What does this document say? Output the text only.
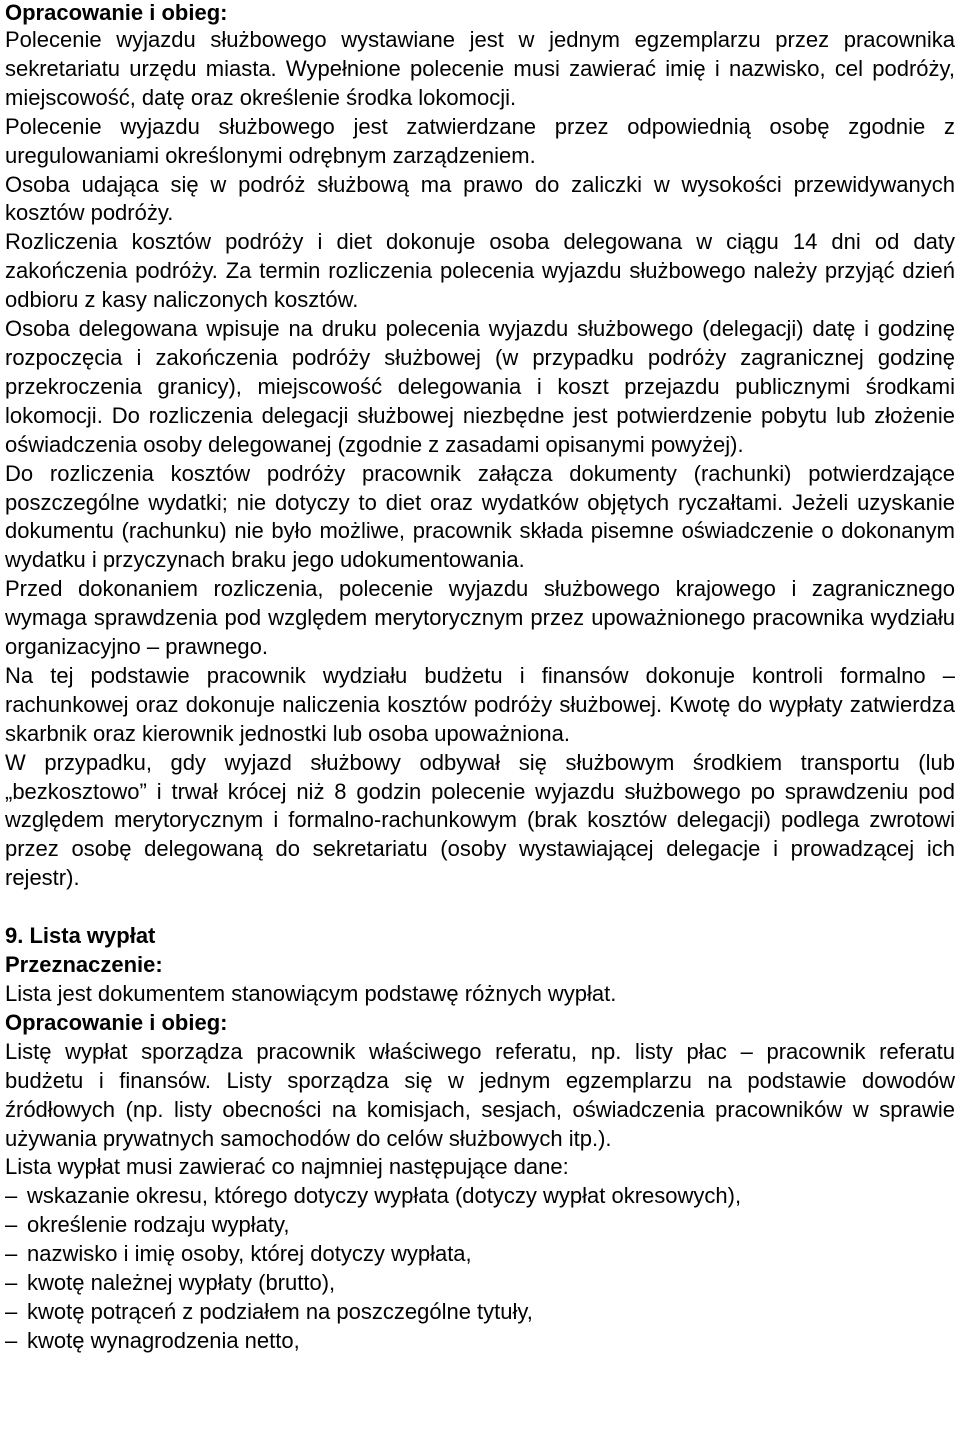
Opracowanie i obieg:

Polecenie wyjazdu służbowego wystawiane jest w jednym egzemplarzu przez pracownika sekretariatu urzędu miasta. Wypełnione polecenie musi zawierać imię i nazwisko, cel podróży, miejscowość, datę oraz określenie środka lokomocji.

Polecenie wyjazdu służbowego jest zatwierdzane przez odpowiednią osobę zgodnie z uregulowaniami określonymi odrębnym zarządzeniem.

Osoba udająca się w podróż służbową ma prawo do zaliczki w wysokości przewidywanych kosztów podróży.

Rozliczenia kosztów podróży i diet dokonuje osoba delegowana w ciągu 14 dni od daty zakończenia podróży. Za termin rozliczenia polecenia wyjazdu służbowego należy przyjąć dzień odbioru z kasy naliczonych kosztów.

Osoba delegowana wpisuje na druku polecenia wyjazdu służbowego (delegacji) datę i godzinę rozpoczęcia i zakończenia podróży służbowej (w przypadku podróży zagranicznej godzinę przekroczenia granicy), miejscowość delegowania i koszt przejazdu publicznymi środkami lokomocji. Do rozliczenia delegacji służbowej niezbędne jest potwierdzenie pobytu lub złożenie oświadczenia osoby delegowanej (zgodnie z zasadami opisanymi powyżej).

Do rozliczenia kosztów podróży pracownik załącza dokumenty (rachunki) potwierdzające poszczególne wydatki; nie dotyczy to diet oraz wydatków objętych ryczałtami. Jeżeli uzyskanie dokumentu (rachunku) nie było możliwe, pracownik składa pisemne oświadczenie o dokonanym wydatku i przyczynach braku jego udokumentowania.

Przed dokonaniem rozliczenia, polecenie wyjazdu służbowego krajowego i zagranicznego wymaga sprawdzenia pod względem merytorycznym przez upoważnionego pracownika wydziału organizacyjno – prawnego.

Na tej podstawie pracownik wydziału budżetu i finansów dokonuje kontroli formalno – rachunkowej oraz dokonuje naliczenia kosztów podróży służbowej. Kwotę do wypłaty zatwierdza skarbnik oraz kierownik jednostki lub osoba upoważniona.

W przypadku, gdy wyjazd służbowy odbywał się służbowym środkiem transportu (lub „bezkosztowo” i trwał krócej niż 8 godzin polecenie wyjazdu służbowego po sprawdzeniu pod względem merytorycznym i formalno-rachunkowym (brak kosztów delegacji) podlega zwrotowi przez osobę delegowaną do sekretariatu (osoby wystawiającej delegacje i prowadzącej ich rejestr).

9. Lista wypłat
Przeznaczenie:

Lista jest dokumentem stanowiącym podstawę różnych wypłat.

Opracowanie i obieg:

Listę wypłat sporządza pracownik właściwego referatu, np. listy płac – pracownik referatu budżetu i finansów. Listy sporządza się w jednym egzemplarzu na podstawie dowodów źródłowych (np. listy obecności na komisjach, sesjach, oświadczenia pracowników w sprawie używania prywatnych samochodów do celów służbowych itp.).

Lista wypłat musi zawierać co najmniej następujące dane:

– wskazanie okresu, którego dotyczy wypłata (dotyczy wypłat okresowych),
– określenie rodzaju wypłaty,
– nazwisko i imię osoby, której dotyczy wypłata,
– kwotę należnej wypłaty (brutto),
– kwotę potrąceń z podziałem na poszczególne tytuły,
– kwotę wynagrodzenia netto,
